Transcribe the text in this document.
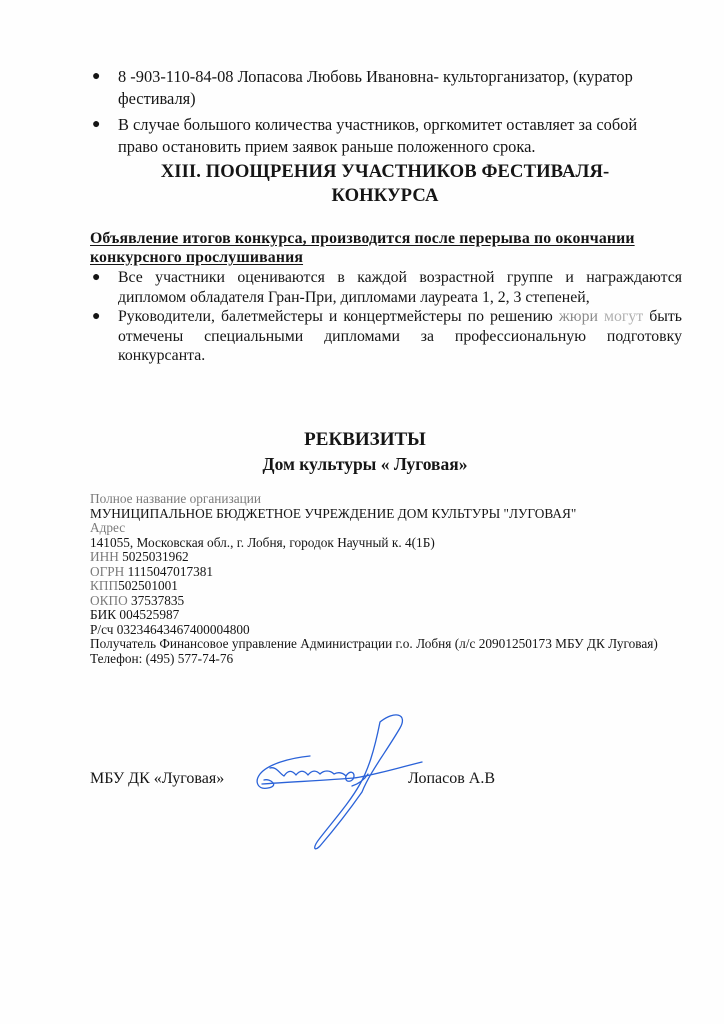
● 8 -903-110-84-08 Лопасова Любовь Ивановна- культорганизатор, (куратор фестиваля)
● В случае большого количества участников, оргкомитет оставляет за собой право остановить прием заявок раньше положенного срока.
XIII. ПООЩРЕНИЯ УЧАСТНИКОВ ФЕСТИВАЛЯ-
КОНКУРСА
Объявление итогов конкурса, производится после перерыва по окончании конкурсного прослушивания
● Все участники оцениваются в каждой возрастной группе и награждаются дипломом обладателя Гран-При, дипломами лауреата 1, 2, 3 степеней,
● Руководители, балетмейстеры и концертмейстеры по решению жюри могут быть отмечены специальными дипломами за профессиональную подготовку конкурсанта.
РЕКВИЗИТЫ
Дом культуры « Луговая»
Полное название организации
МУНИЦИПАЛЬНОЕ БЮДЖЕТНОЕ УЧРЕЖДЕНИЕ ДОМ КУЛЬТУРЫ "ЛУГОВАЯ"
Адрес
141055, Московская обл., г. Лобня, городок Научный к. 4(1Б)
ИНН 5025031962
ОГРН 1115047017381
КПП502501001
ОКПО 37537835
БИК 004525987
Р/сч 03234643467400004800
Получатель Финансовое управление Администрации г.о. Лобня (л/с 20901250173 МБУ ДК Луговая)
Телефон: (495) 577-74-76
МБУ ДК «Луговая»	Лопасов А.В
